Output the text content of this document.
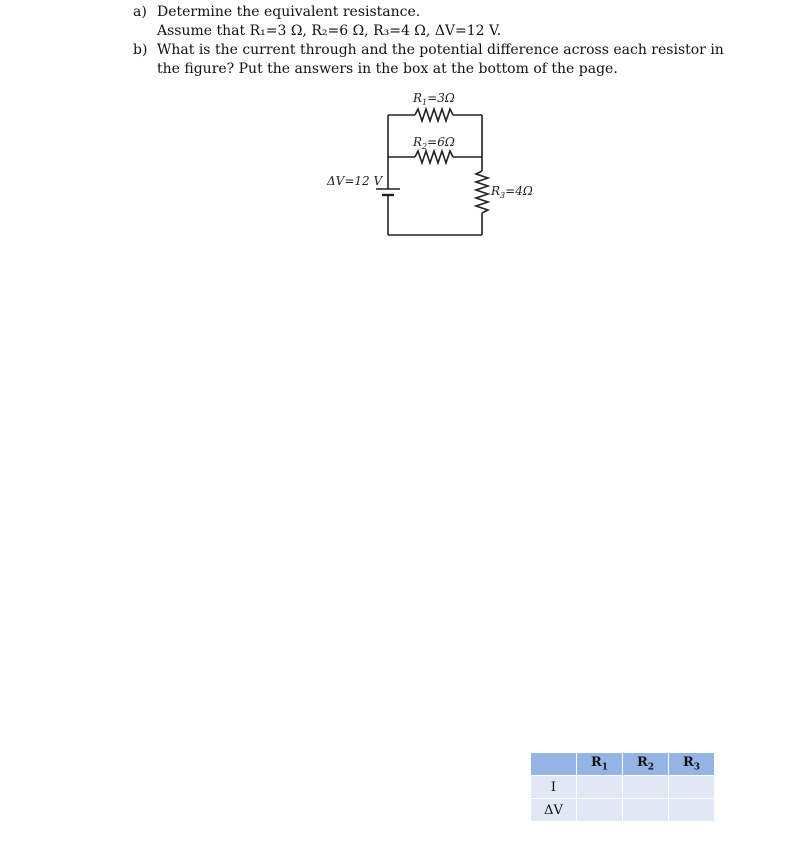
a) Determine the equivalent resistance.
Assume that R₁=3 Ω, R₂=6 Ω, R₃=4 Ω, ΔV=12 V.
b) What is the current through and the potential difference across each resistor in
the figure? Put the answers in the box at the bottom of the page.
$R_1=3\Omega$
$R_2=6\Omega$
$R_3=4\Omega$
ΔV=12 V
	$R_1$	$R_2$	$R_3$
I			
ΔV			
